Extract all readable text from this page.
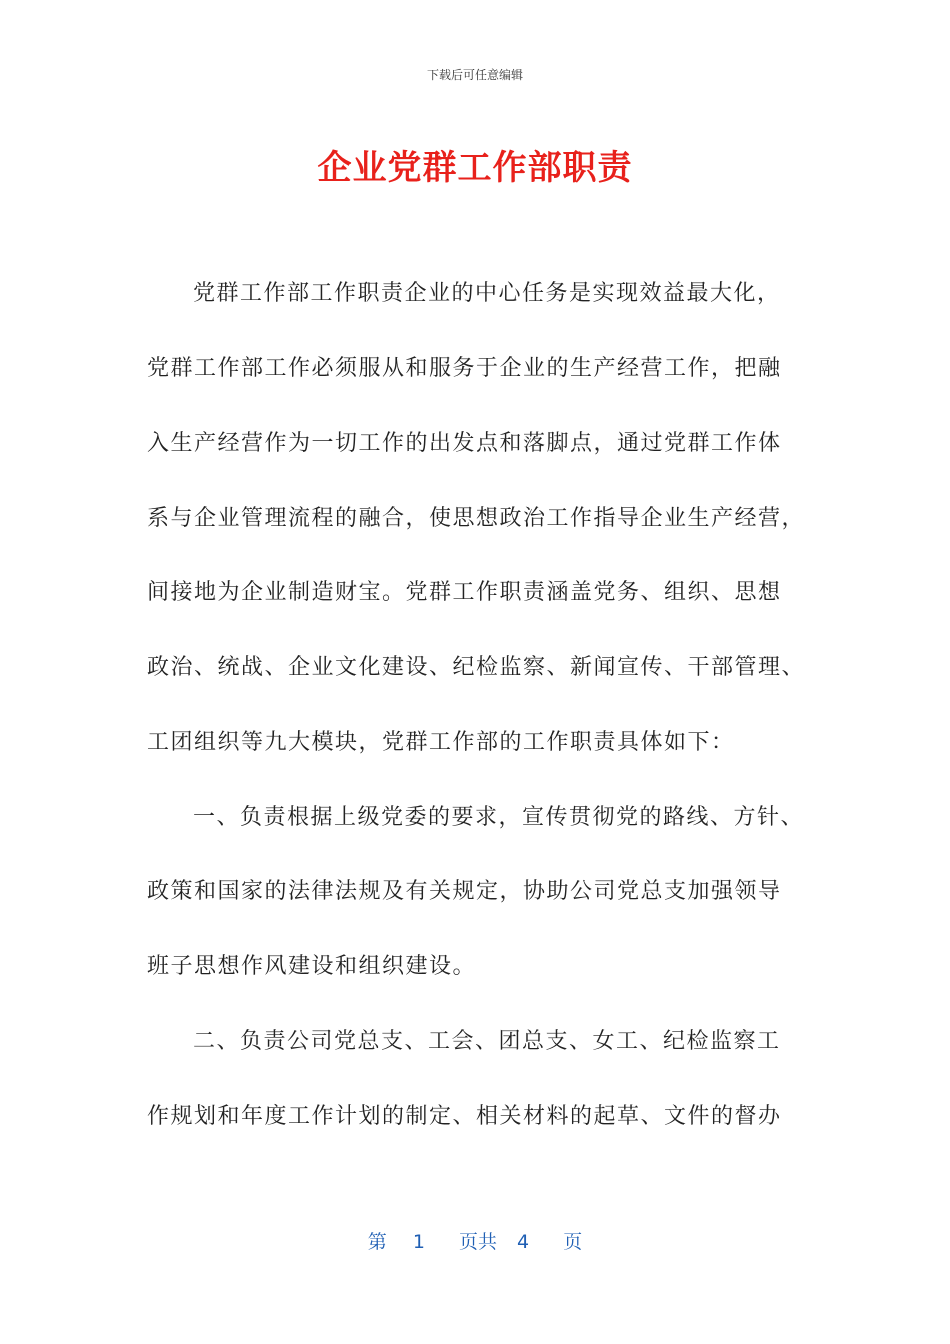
下载后可任意编辑
企业党群工作部职责
党群工作部工作职责企业的中心任务是实现效益最大化，
党群工作部工作必须服从和服务于企业的生产经营工作，把融
入生产经营作为一切工作的出发点和落脚点，通过党群工作体
系与企业管理流程的融合，使思想政治工作指导企业生产经营，
间接地为企业制造财宝。党群工作职责涵盖党务、组织、思想
政治、统战、企业文化建设、纪检监察、新闻宣传、干部管理、
工团组织等九大模块，党群工作部的工作职责具体如下：
一、负责根据上级党委的要求，宣传贯彻党的路线、方针、
政策和国家的法律法规及有关规定，协助公司党总支加强领导
班子思想作风建设和组织建设。
二、负责公司党总支、工会、团总支、女工、纪检监察工
作规划和年度工作计划的制定、相关材料的起草、文件的督办
第 1 页共 4 页
